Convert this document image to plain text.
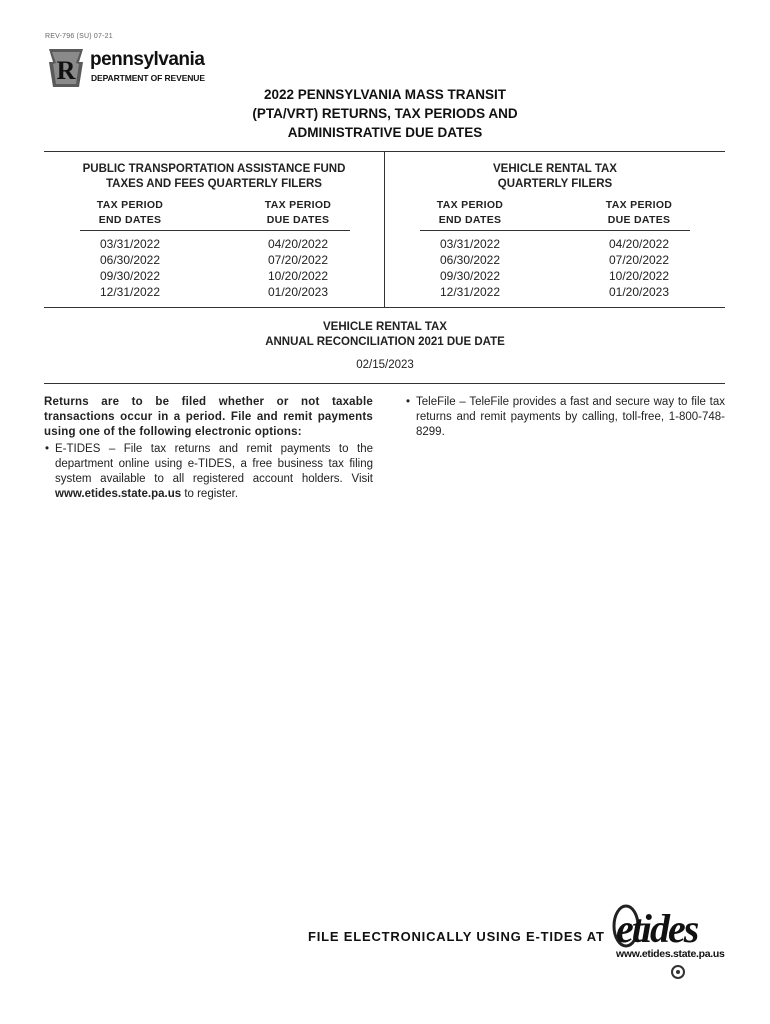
REV-796 (SU) 07-21
R pennsylvania
DEPARTMENT OF REVENUE
2022 PENNSYLVANIA MASS TRANSIT
(PTA/VRT) RETURNS, TAX PERIODS AND
ADMINISTRATIVE DUE DATES
PUBLIC TRANSPORTATION ASSISTANCE FUND
TAXES AND FEES QUARTERLY FILERS
TAX PERIOD
END DATES
TAX PERIOD
DUE DATES
03/31/2022
06/30/2022
09/30/2022
12/31/2022
04/20/2022
07/20/2022
10/20/2022
01/20/2023
VEHICLE RENTAL TAX
QUARTERLY FILERS
TAX PERIOD
END DATES
TAX PERIOD
DUE DATES
03/31/2022
06/30/2022
09/30/2022
12/31/2022
04/20/2022
07/20/2022
10/20/2022
01/20/2023
VEHICLE RENTAL TAX
ANNUAL RECONCILIATION 2021 DUE DATE
02/15/2023
Returns are to be filed whether or not taxable transactions occur in a period. File and remit payments using one of the following electronic options:
• E-TIDES – File tax returns and remit payments to the department online using e-TIDES, a free business tax filing system available to all registered account holders. Visit www.etides.state.pa.us to register.
• TeleFile – TeleFile provides a fast and secure way to file tax returns and remit payments by calling, toll-free, 1-800-748-8299.
FILE ELECTRONICALLY USING E-TIDES AT etides
www.etides.state.pa.us
